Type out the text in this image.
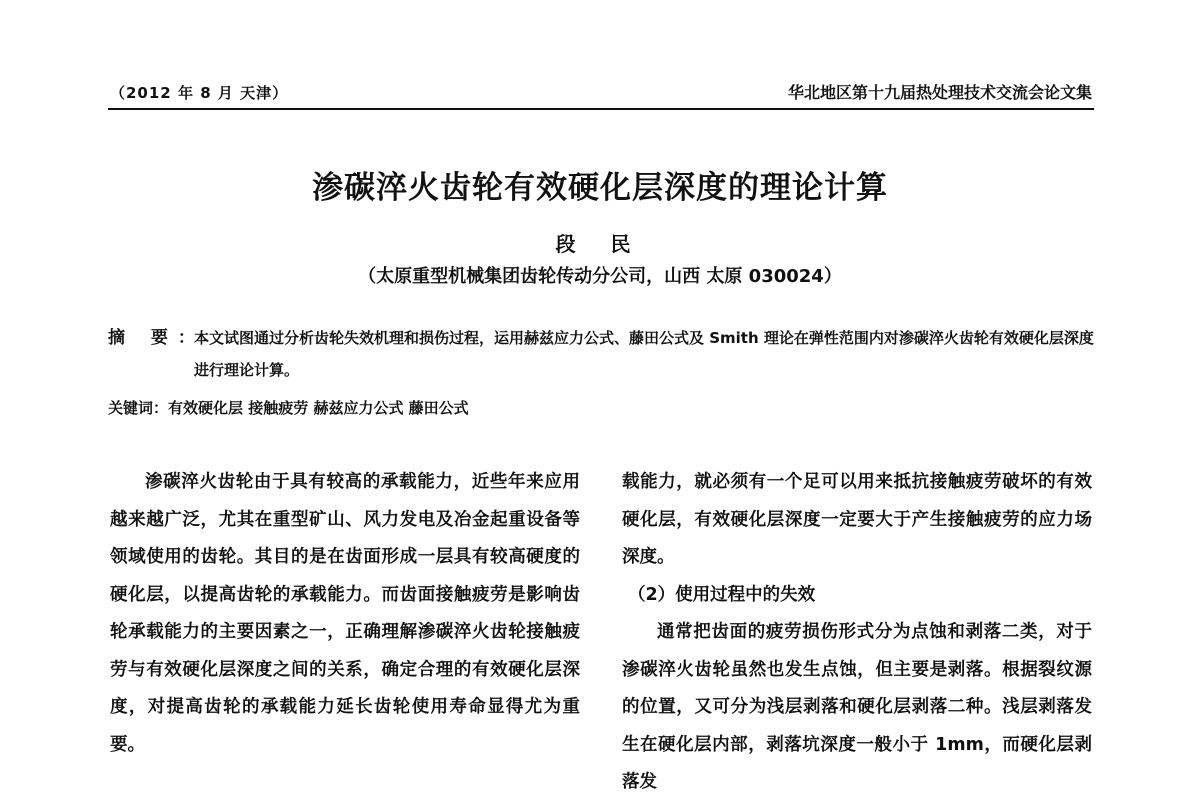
（2012 年 8 月 天津）	华北地区第十九届热处理技术交流会论文集
渗碳淬火齿轮有效硬化层深度的理论计算
段 民
（太原重型机械集团齿轮传动分公司，山西 太原 030024）
摘 要：
本文试图通过分析齿轮失效机理和损伤过程，运用赫兹应力公式、藤田公式及 Smith 理论在弹性范围内对渗碳淬火齿轮有效硬化层深度进行理论计算。
关键词：有效硬化层 接触疲劳 赫兹应力公式 藤田公式

渗碳淬火齿轮由于具有较高的承载能力，近些年来应用越来越广泛，尤其在重型矿山、风力发电及冶金起重设备等领域使用的齿轮。其目的是在齿面形成一层具有较高硬度的硬化层，以提高齿轮的承载能力。而齿面接触疲劳是影响齿轮承载能力的主要因素之一，正确理解渗碳淬火齿轮接触疲劳与有效硬化层深度之间的关系，确定合理的有效硬化层深度，对提高齿轮的承载能力延长齿轮使用寿命显得尤为重要。

载能力，就必须有一个足可以用来抵抗接触疲劳破坏的有效硬化层，有效硬化层深度一定要大于产生接触疲劳的应力场深度。

（2）使用过程中的失效

通常把齿面的疲劳损伤形式分为点蚀和剥落二类，对于渗碳淬火齿轮虽然也发生点蚀，但主要是剥落。根据裂纹源的位置，又可分为浅层剥落和硬化层剥落二种。浅层剥落发生在硬化层内部，剥落坑深度一般小于 1mm，而硬化层剥落发
